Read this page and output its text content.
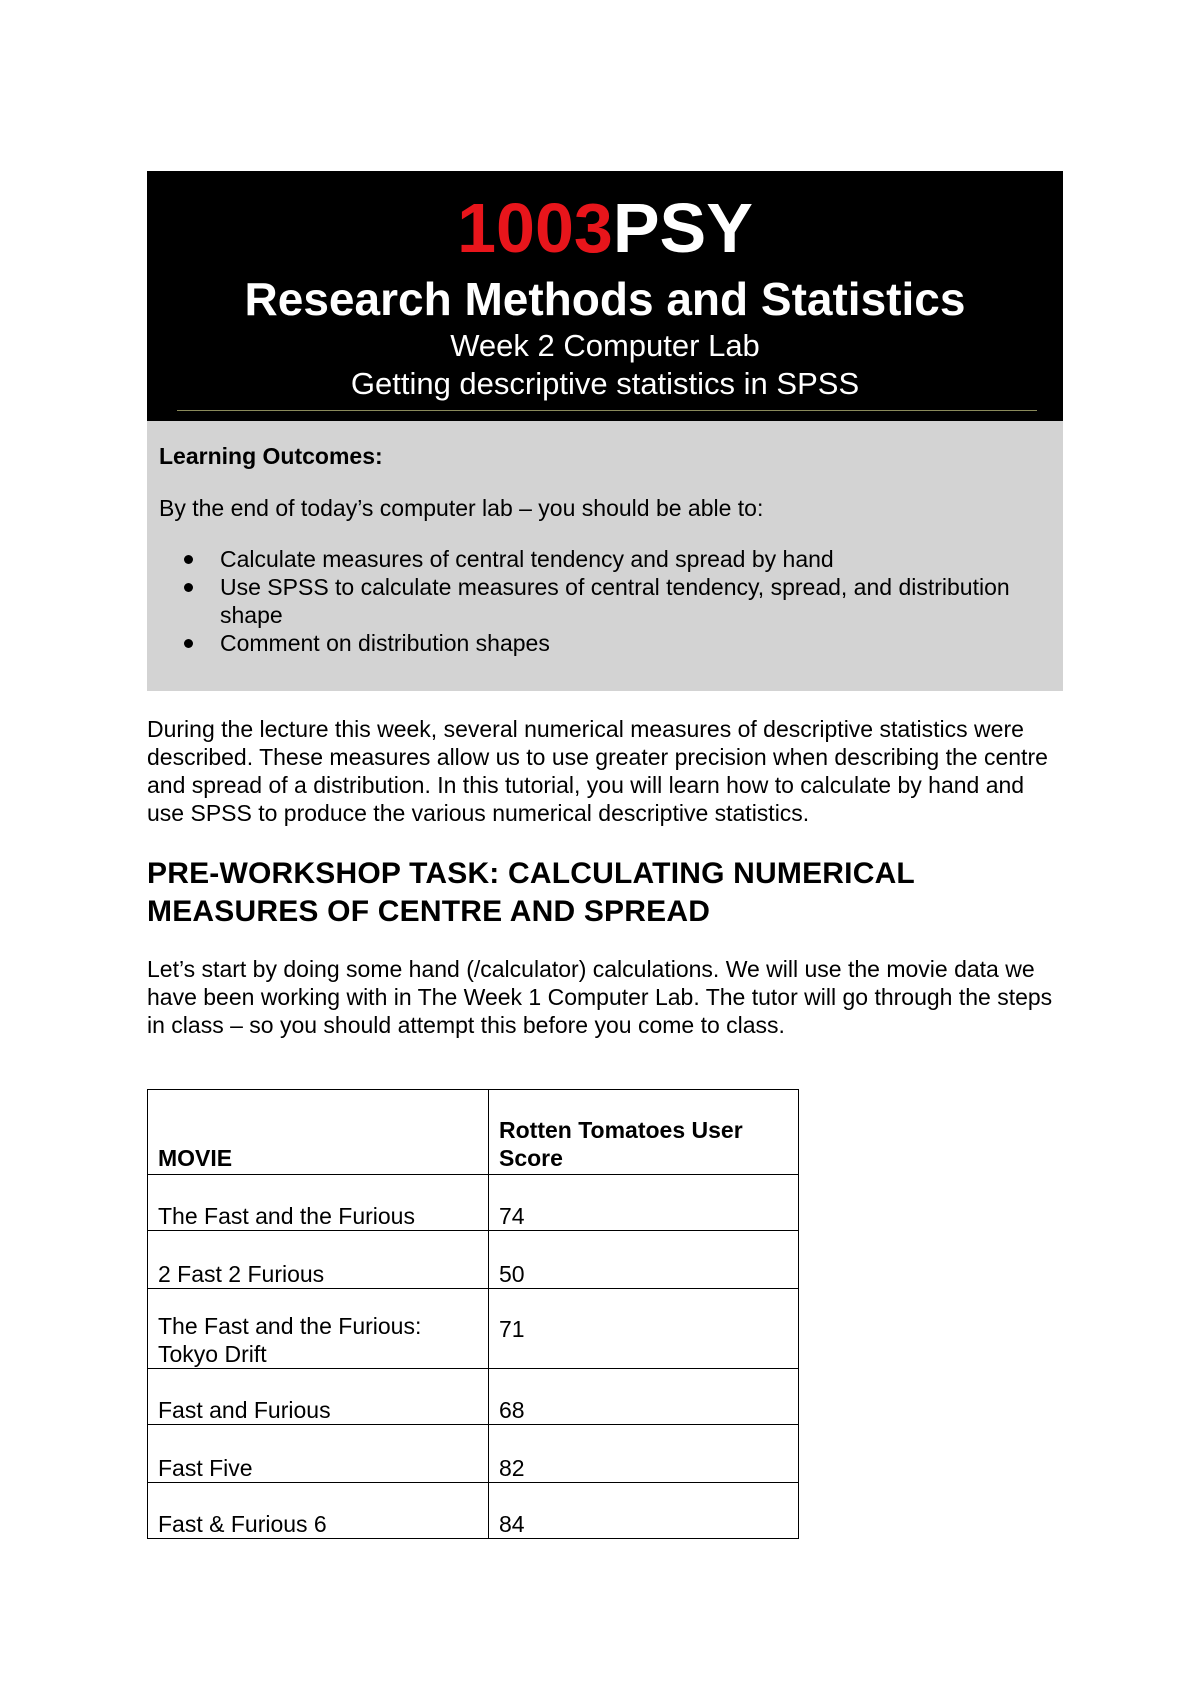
1003PSY
Research Methods and Statistics
Week 2 Computer Lab
Getting descriptive statistics in SPSS
Learning Outcomes:
By the end of today’s computer lab – you should be able to:
Calculate measures of central tendency and spread by hand
Use SPSS to calculate measures of central tendency, spread, and distribution shape
Comment on distribution shapes

During the lecture this week, several numerical measures of descriptive statistics were described. These measures allow us to use greater precision when describing the centre and spread of a distribution. In this tutorial, you will learn how to calculate by hand and use SPSS to produce the various numerical descriptive statistics.

PRE-WORKSHOP TASK: CALCULATING NUMERICAL MEASURES OF CENTRE AND SPREAD

Let’s start by doing some hand (/calculator) calculations. We will use the movie data we have been working with in The Week 1 Computer Lab. The tutor will go through the steps in class – so you should attempt this before you come to class.

MOVIE	Rotten Tomatoes User Score
The Fast and the Furious	74
2 Fast 2 Furious	50
The Fast and the Furious: Tokyo Drift	71
Fast and Furious	68
Fast Five	82
Fast & Furious 6	84
